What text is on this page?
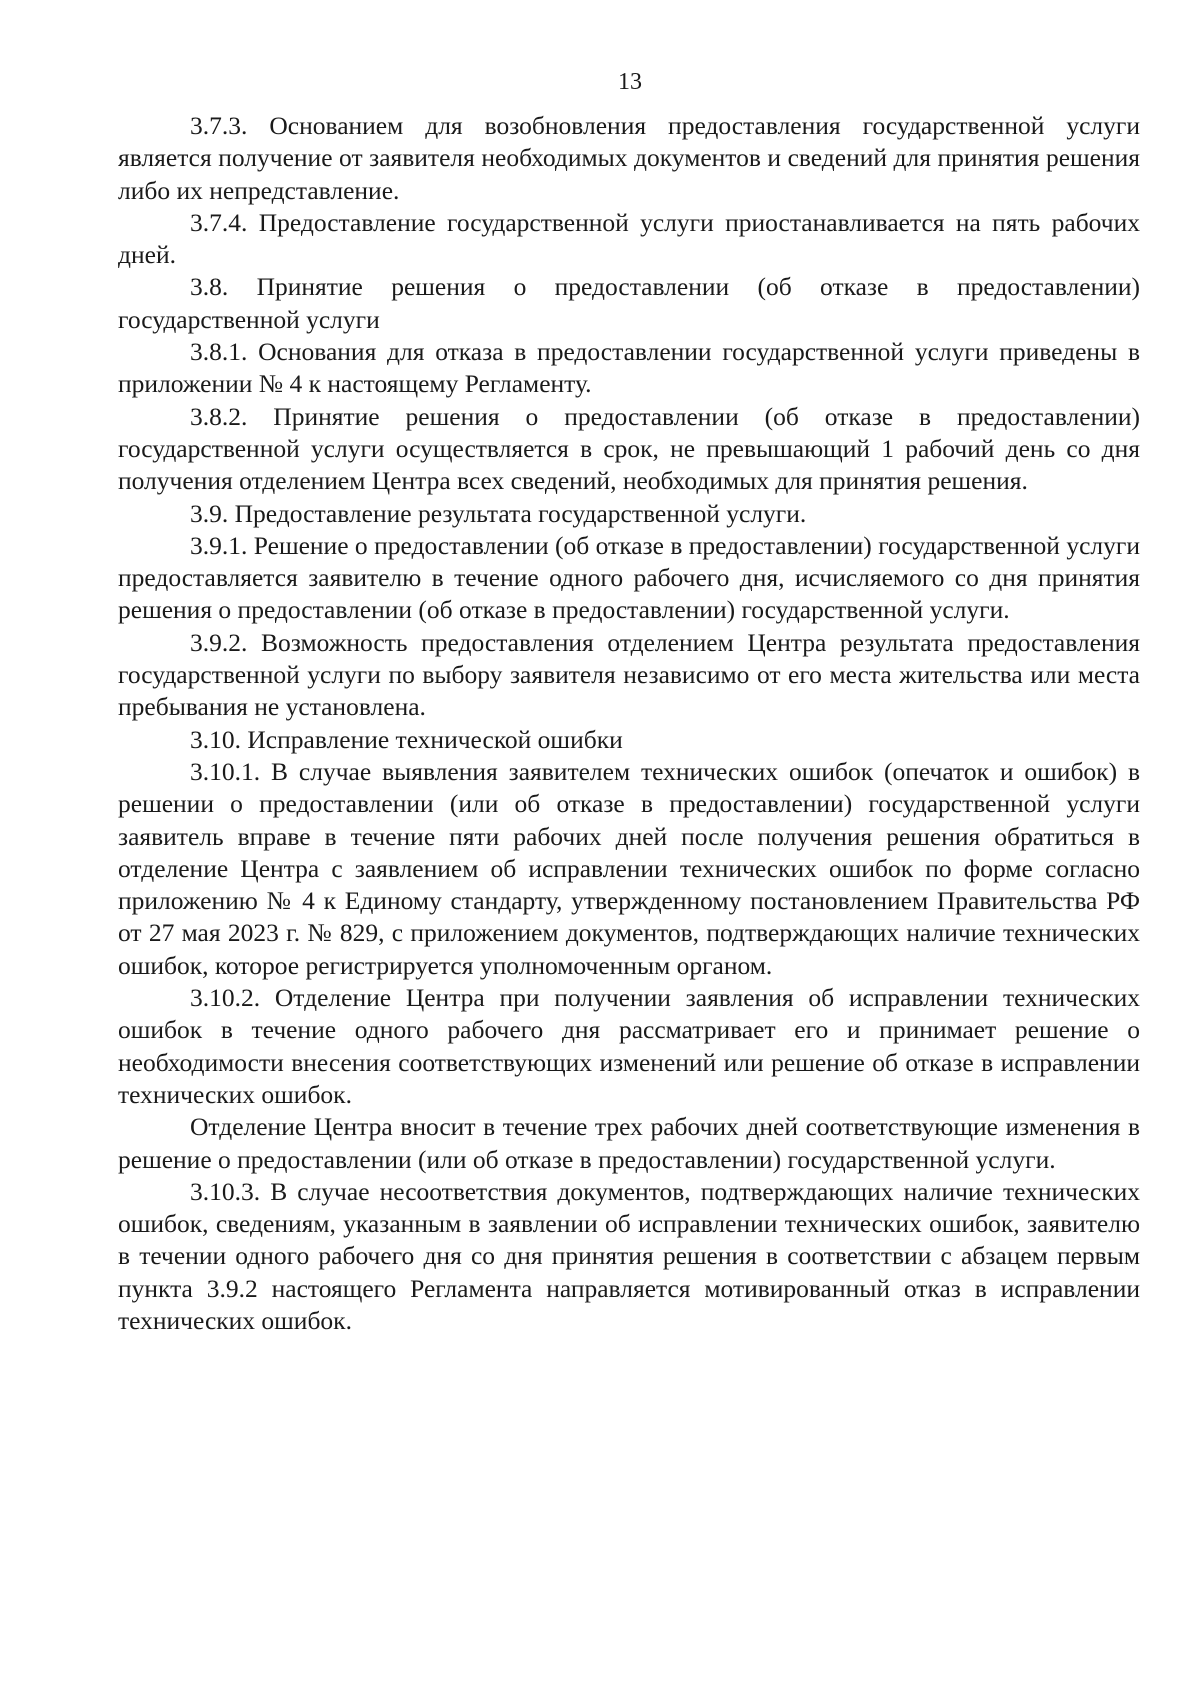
13

3.7.3. Основанием для возобновления предоставления государственной услуги является получение от заявителя необходимых документов и сведений для принятия решения либо их непредставление.

3.7.4. Предоставление государственной услуги приостанавливается на пять рабочих дней.

3.8. Принятие решения о предоставлении (об отказе в предоставлении) государственной услуги

3.8.1. Основания для отказа в предоставлении государственной услуги приведены в приложении № 4 к настоящему Регламенту.

3.8.2. Принятие решения о предоставлении (об отказе в предоставлении) государственной услуги осуществляется в срок, не превышающий 1 рабочий день со дня получения отделением Центра всех сведений, необходимых для принятия решения.

3.9. Предоставление результата государственной услуги.

3.9.1. Решение о предоставлении (об отказе в предоставлении) государственной услуги предоставляется заявителю в течение одного рабочего дня, исчисляемого со дня принятия решения о предоставлении (об отказе в предоставлении) государственной услуги.

3.9.2. Возможность предоставления отделением Центра результата предоставления государственной услуги по выбору заявителя независимо от его места жительства или места пребывания не установлена.

3.10. Исправление технической ошибки

3.10.1. В случае выявления заявителем технических ошибок (опечаток и ошибок) в решении о предоставлении (или об отказе в предоставлении) государственной услуги заявитель вправе в течение пяти рабочих дней после получения решения обратиться в отделение Центра с заявлением об исправлении технических ошибок по форме согласно приложению № 4 к Единому стандарту, утвержденному постановлением Правительства РФ от 27 мая 2023 г. № 829, с приложением документов, подтверждающих наличие технических ошибок, которое регистрируется уполномоченным органом.

3.10.2. Отделение Центра при получении заявления об исправлении технических ошибок в течение одного рабочего дня рассматривает его и принимает решение о необходимости внесения соответствующих изменений или решение об отказе в исправлении технических ошибок.

Отделение Центра вносит в течение трех рабочих дней соответствующие изменения в решение о предоставлении (или об отказе в предоставлении) государственной услуги.

3.10.3. В случае несоответствия документов, подтверждающих наличие технических ошибок, сведениям, указанным в заявлении об исправлении технических ошибок, заявителю в течении одного рабочего дня со дня принятия решения в соответствии с абзацем первым пункта 3.9.2 настоящего Регламента направляется мотивированный отказ в исправлении технических ошибок.
